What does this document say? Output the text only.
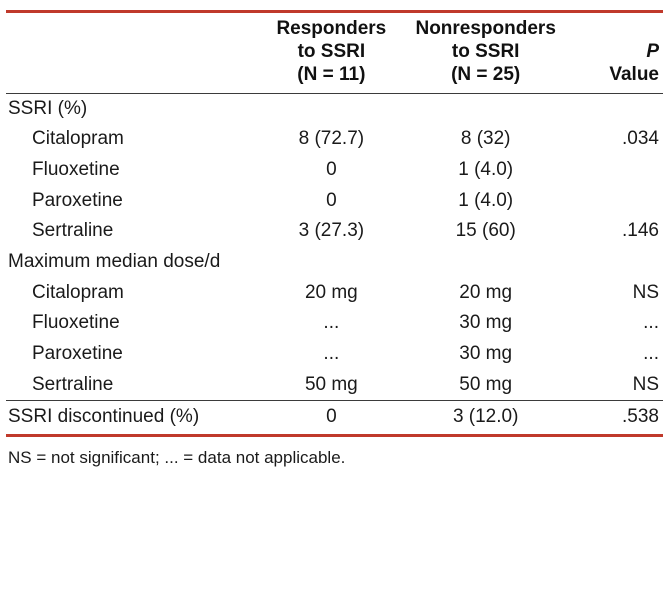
	Responders
to SSRI
(N = 11)	Nonresponders
to SSRI
(N = 25)	P
Value

SSRI (%)			
Citalopram	8 (72.7)	8 (32)	.034
Fluoxetine	0	1 (4.0)	
Paroxetine	0	1 (4.0)	
Sertraline	3 (27.3)	15 (60)	.146
Maximum median dose/d			
Citalopram	20 mg	20 mg	NS
Fluoxetine	...	30 mg	...
Paroxetine	...	30 mg	...
Sertraline	50 mg	50 mg	NS
SSRI discontinued (%)	0	3 (12.0)	.538
NS = not significant; ... = data not applicable.
